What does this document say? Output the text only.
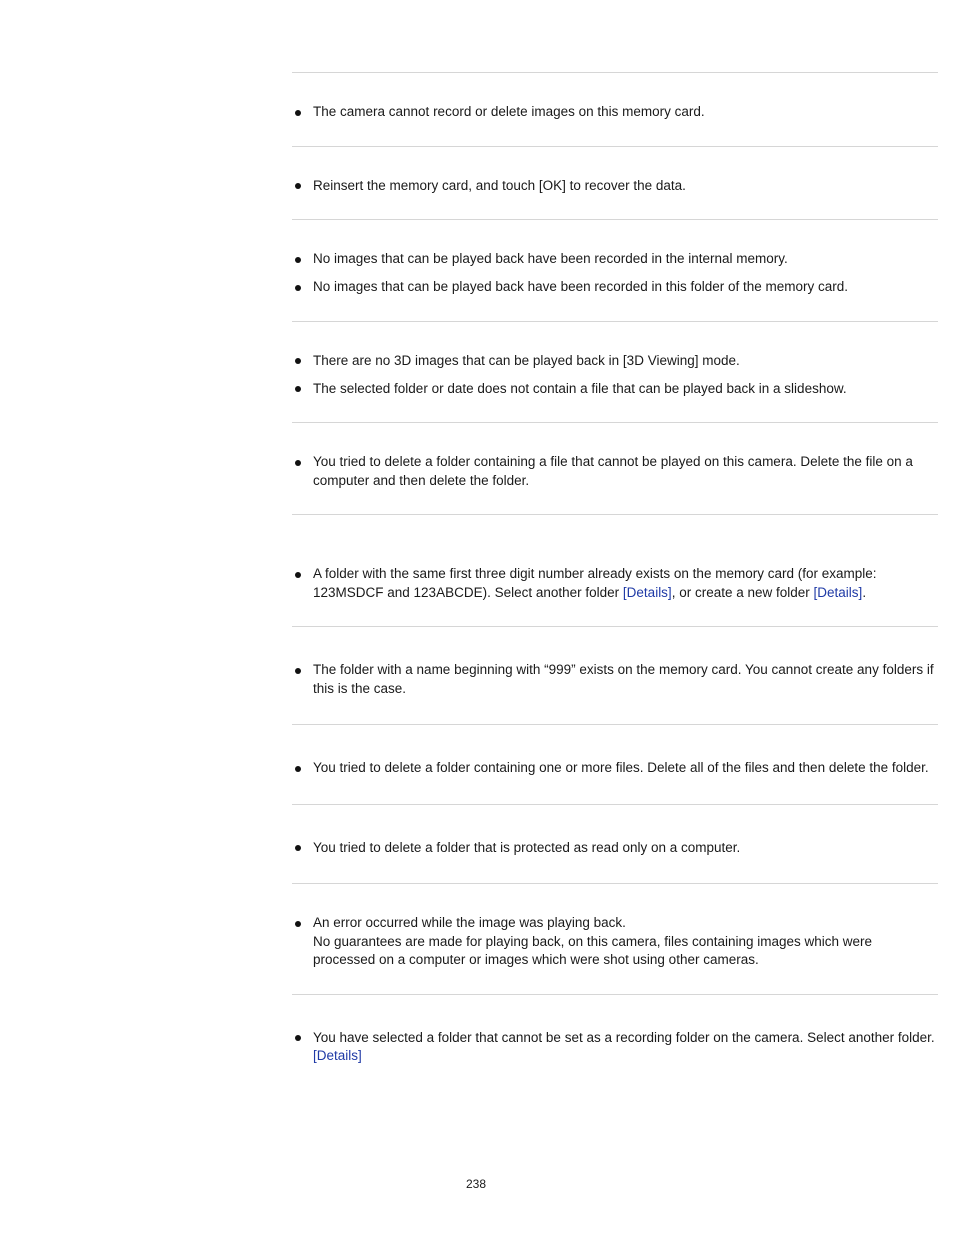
The camera cannot record or delete images on this memory card.
Reinsert the memory card, and touch [OK] to recover the data.
No images that can be played back have been recorded in the internal memory.
No images that can be played back have been recorded in this folder of the memory card.
There are no 3D images that can be played back in [3D Viewing] mode.
The selected folder or date does not contain a file that can be played back in a slideshow.
You tried to delete a folder containing a file that cannot be played on this camera. Delete the file on a computer and then delete the folder.
A folder with the same first three digit number already exists on the memory card (for example: 123MSDCF and 123ABCDE). Select another folder [Details], or create a new folder [Details].
The folder with a name beginning with “999” exists on the memory card. You cannot create any folders if this is the case.
You tried to delete a folder containing one or more files. Delete all of the files and then delete the folder.
You tried to delete a folder that is protected as read only on a computer.
An error occurred while the image was playing back.
No guarantees are made for playing back, on this camera, files containing images which were processed on a computer or images which were shot using other cameras.
You have selected a folder that cannot be set as a recording folder on the camera. Select another folder. [Details]
238
